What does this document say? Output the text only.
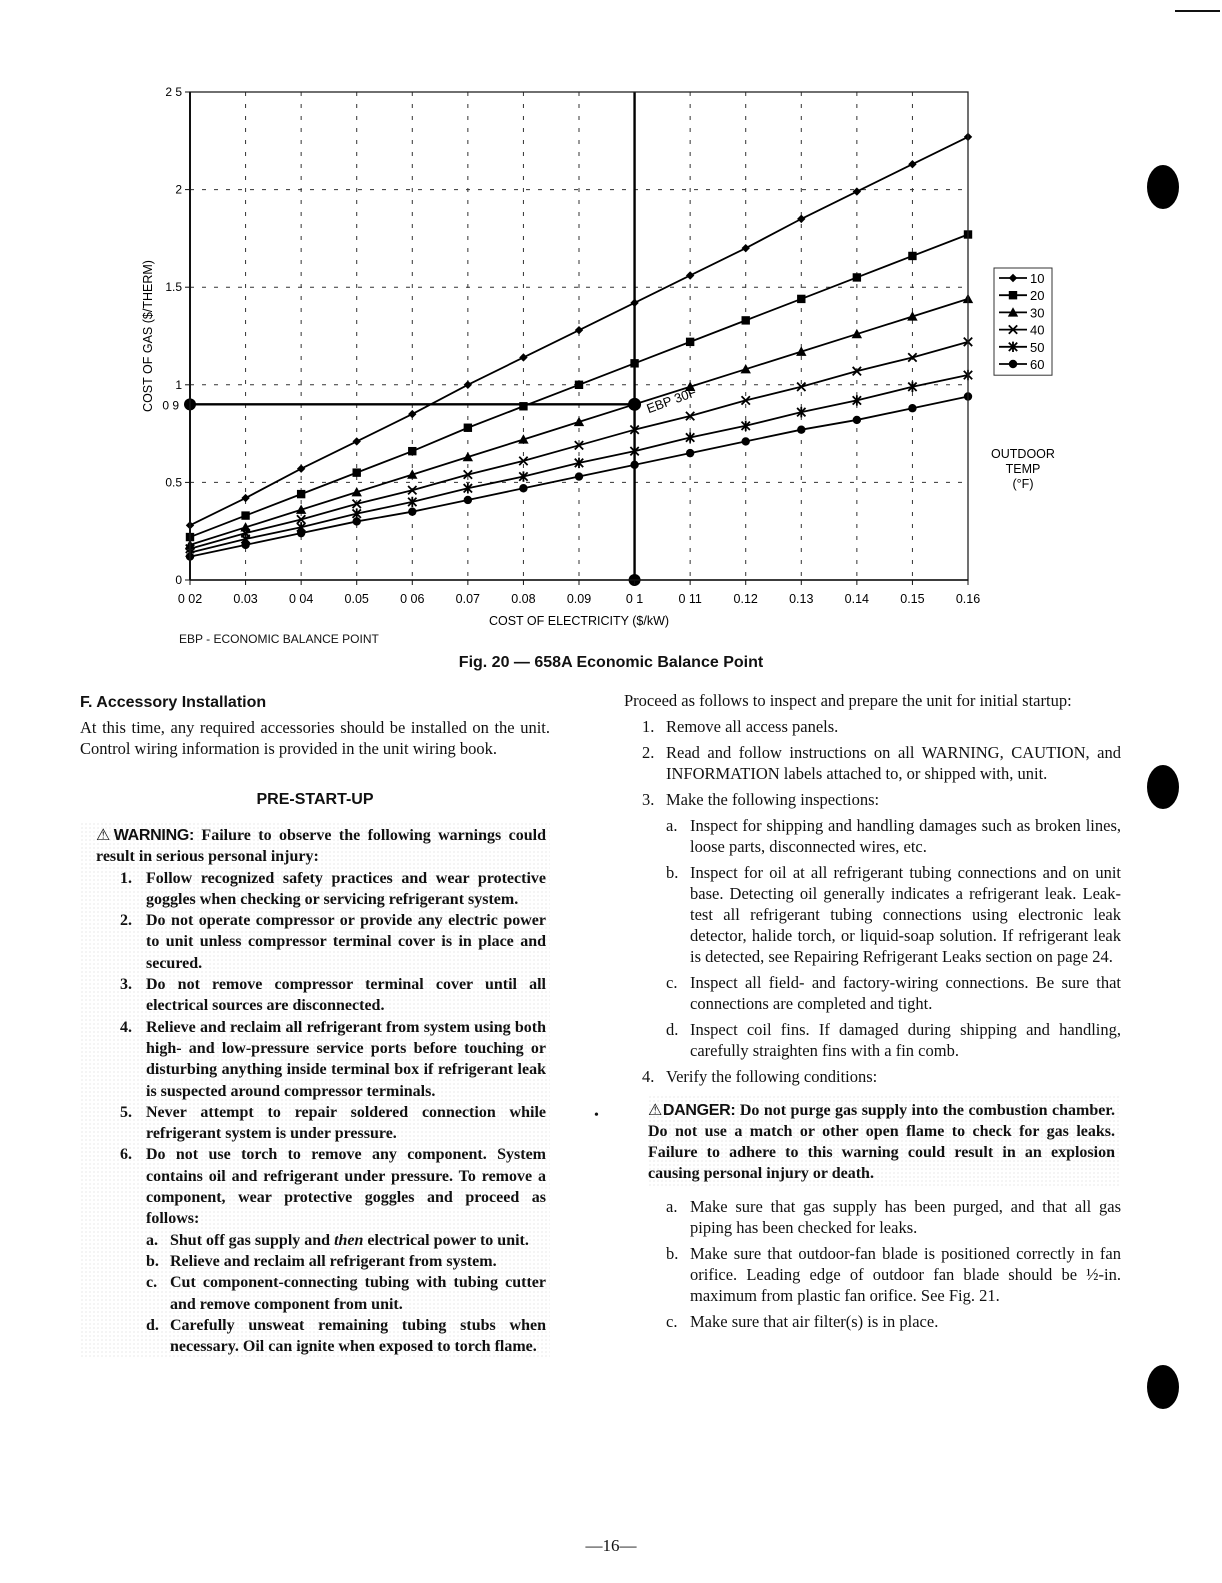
EBP 30F
0
0.5
1
1.5
2
2 5
0 02 0.03 0 04 0.05 0 06 0.07 0.08 0.09	0 1	0 11	0.12 0.13 0.14 0.15 0.16
COST OF GAS ($/THERM)
COST OF ELECTRICITY ($/kW)
0 9
10
20
30
40
50
60
OUTDOOR
TEMP
(°F)
EBP - ECONOMIC BALANCE POINT
Fig. 20 — 658A Economic Balance Point
F. Accessory Installation

At this time, any required accessories should be installed on the unit. Control wiring information is provided in the unit wiring book.

PRE-START-UP

⚠WARNING: Failure to observe the following warnings could result in serious personal injury:

1. Follow recognized safety practices and wear protective goggles when checking or servicing refrigerant system.
2. Do not operate compressor or provide any electric power to unit unless compressor terminal cover is in place and secured.
3. Do not remove compressor terminal cover until all electrical sources are disconnected.
4. Relieve and reclaim all refrigerant from system using both high- and low-pressure service ports before touching or disturbing anything inside terminal box if refrigerant leak is suspected around compressor terminals.
5. Never attempt to repair soldered connection while refrigerant system is under pressure.
6. Do not use torch to remove any component. System contains oil and refrigerant under pressure. To remove a component, wear protective goggles and proceed as follows:
a. Shut off gas supply and then electrical power to unit.
b. Relieve and reclaim all refrigerant from system.
c. Cut component-connecting tubing with tubing cutter and remove component from unit.
d. Carefully unsweat remaining tubing stubs when necessary. Oil can ignite when exposed to torch flame.
•

Proceed as follows to inspect and prepare the unit for initial startup:

1. Remove all access panels.
2. Read and follow instructions on all WARNING, CAUTION, and INFORMATION labels attached to, or shipped with, unit.
3. Make the following inspections:
a. Inspect for shipping and handling damages such as broken lines, loose parts, disconnected wires, etc.
b. Inspect for oil at all refrigerant tubing connections and on unit base. Detecting oil generally indicates a refrigerant leak. Leak-test all refrigerant tubing connections using electronic leak detector, halide torch, or liquid-soap solution. If refrigerant leak is detected, see Repairing Refrigerant Leaks section on page 24.
c. Inspect all field- and factory-wiring connections. Be sure that connections are completed and tight.
d. Inspect coil fins. If damaged during shipping and handling, carefully straighten fins with a fin comb.
4. Verify the following conditions:
⚠DANGER: Do not purge gas supply into the combustion chamber. Do not use a match or other open flame to check for gas leaks. Failure to adhere to this warning could result in an explosion causing personal injury or death.
a. Make sure that gas supply has been purged, and that all gas piping has been checked for leaks.
b. Make sure that outdoor-fan blade is positioned correctly in fan orifice. Leading edge of outdoor fan blade should be ½-in. maximum from plastic fan orifice. See Fig. 21.
c. Make sure that air filter(s) is in place.
—16—
